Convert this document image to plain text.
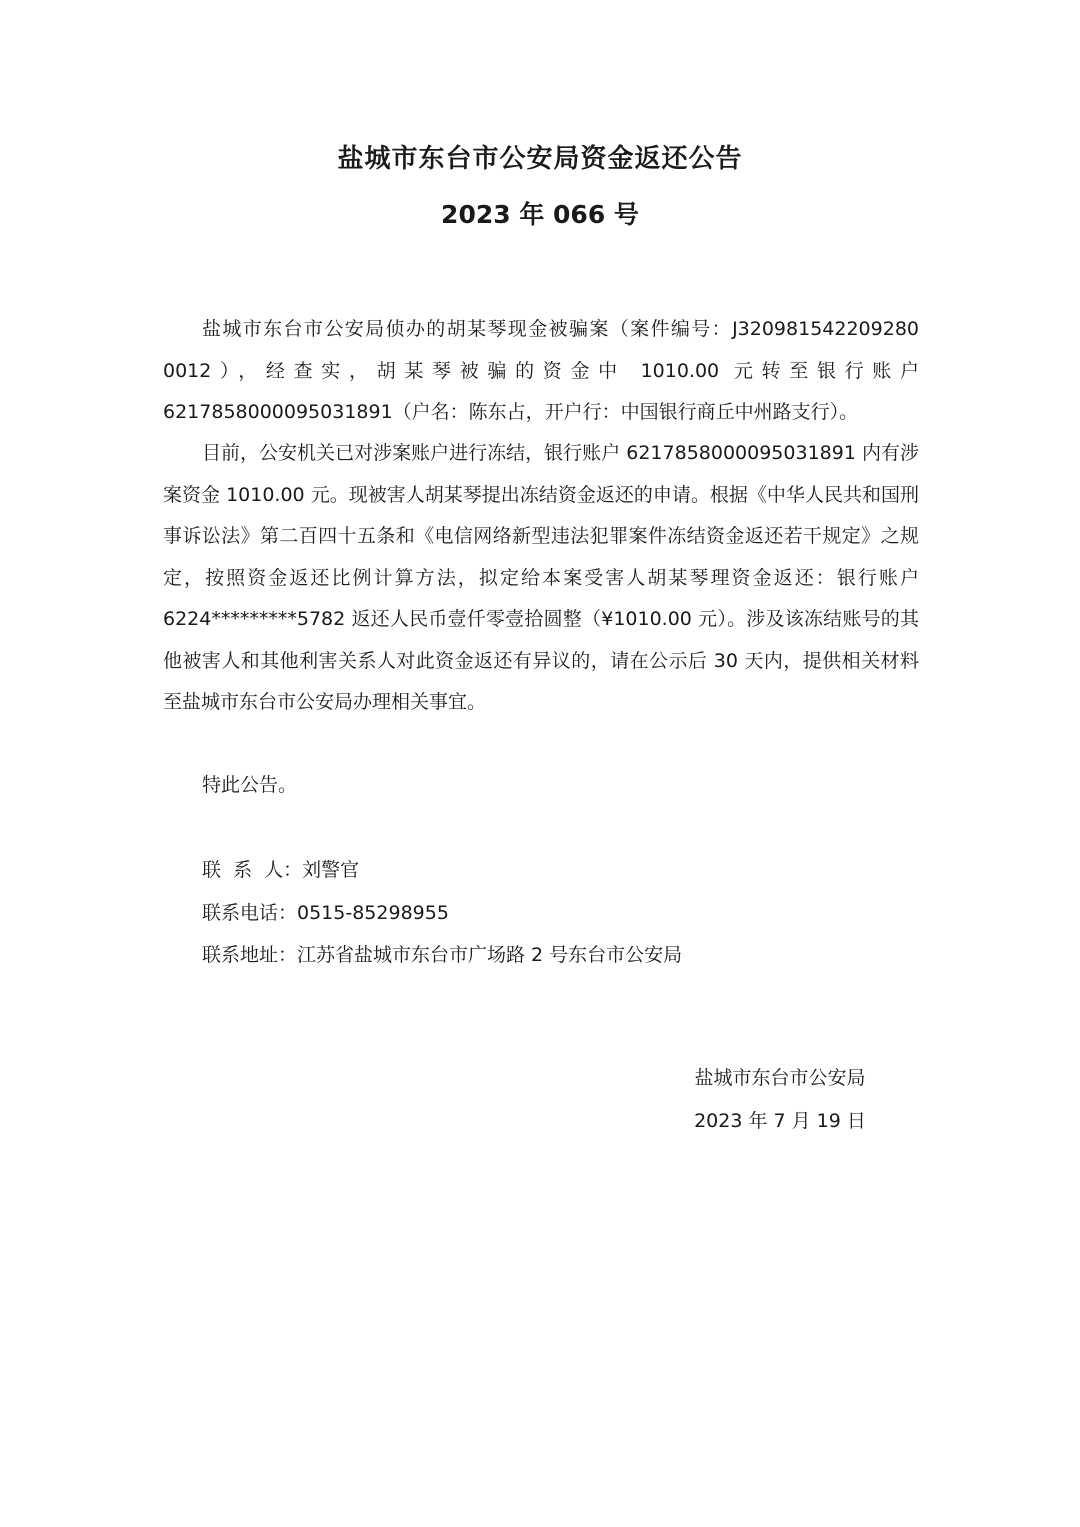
盐城市东台市公安局资金返还公告
2023 年 066 号

盐城市东台市公安局侦办的胡某琴现金被骗案（案件编号：J320981542209280​0012），经查实，胡某琴被骗的资金中 1010.00 元转至银行账户 6217858000095031891（户名：陈东占，开户行：中国银行商丘中州路支行）。

目前，公安机关已对涉案账户进行冻结，银行账户 6217858000095031891 内有涉案资金 1010.00 元。现被害人胡某琴提出冻结资金返还的申请。根据《中华人民共和国刑事诉讼法》第二百四十五条和《电信网络新型违法犯罪案件冻结资金返还若干规定》之规定，按照资金返还比例计算方法，拟定给本案受害人胡某琴理资金返还：银行账户 6224*********5782 返还人民币壹仟零壹拾圆整（¥1010.00 元）。涉及该冻结账号的其他被害人和其他利害关系人对此资金返还有异议的，请在公示后 30 天内，提供相关材料至盐城市东台市公安局办理相关事宜。

特此公告。

联  系  人：刘警官
联系电话：0515-85298955
联系地址：江苏省盐城市东台市广场路 2 号东台市公安局
盐城市东台市公安局
2023 年 7 月 19 日
